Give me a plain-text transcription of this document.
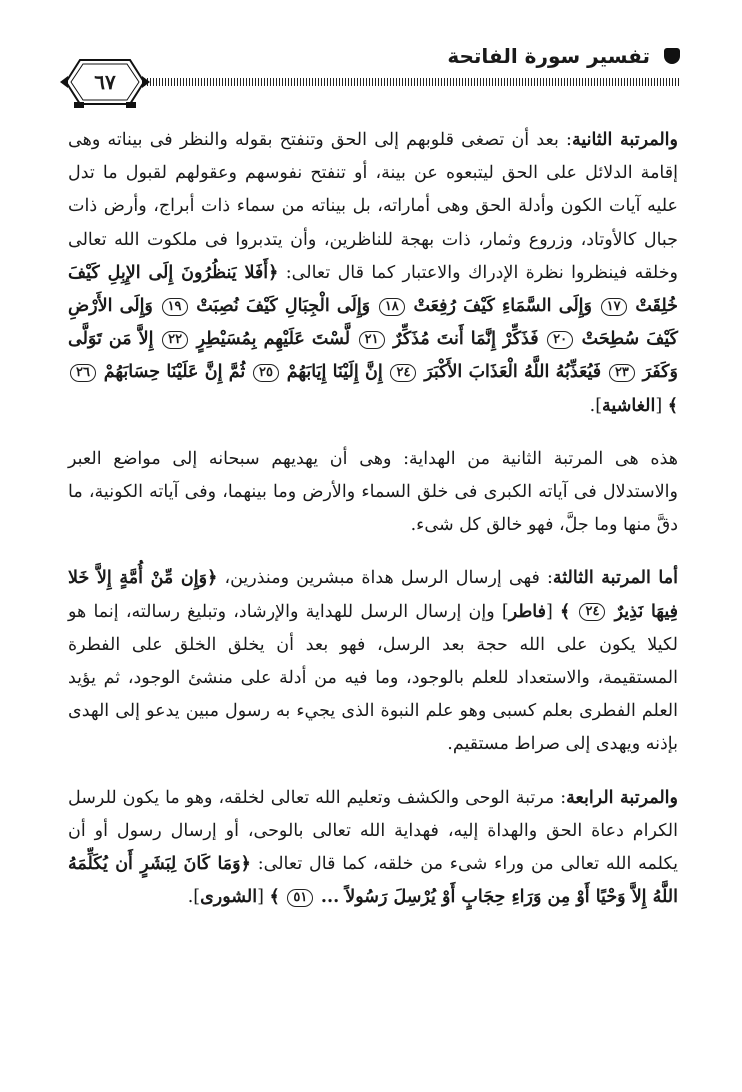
تفسير سورة الفاتحة
٦٧

والمرتبة الثانية: بعد أن تصغى قلوبهم إلى الحق وتنفتح بقوله والنظر فى بيناته وهى إقامة الدلائل على الحق ليتبعوه عن بينة، أو تنفتح نفوسهم وعقولهم لقبول ما تدل عليه آيات الكون وأدلة الحق وهى أماراته، بل بيناته من سماء ذات أبراج، وأرض ذات جبال كالأوتاد، وزروع وثمار، ذات بهجة للناظرين، وأن يتدبروا فى ملكوت الله تعالى وخلقه فينظروا نظرة الإدراك والاعتبار كما قال تعالى: ﴿أَفَلا يَنظُرُونَ إِلَى الإِبِلِ كَيْفَ خُلِقَتْ ١٧ وَإِلَى السَّمَاءِ كَيْفَ رُفِعَتْ ١٨ وَإِلَى الْجِبَالِ كَيْفَ نُصِبَتْ ١٩ وَإِلَى الأَرْضِ كَيْفَ سُطِحَتْ ٢٠ فَذَكِّرْ إِنَّمَا أَنتَ مُذَكِّرٌ ٢١ لَّسْتَ عَلَيْهِم بِمُسَيْطِرٍ ٢٢ إِلاَّ مَن تَوَلَّى وَكَفَرَ ٢٣ فَيُعَذِّبُهُ اللَّهُ الْعَذَابَ الأَكْبَرَ ٢٤ إِنَّ إِلَيْنَا إِيَابَهُمْ ٢٥ ثُمَّ إِنَّ عَلَيْنَا حِسَابَهُمْ ٢٦ ﴾ [الغاشية].

هذه هى المرتبة الثانية من الهداية: وهى أن يهديهم سبحانه إلى مواضع العبر والاستدلال فى آياته الكبرى فى خلق السماء والأرض وما بينهما، وفى آياته الكونية، ما دقَّ منها وما جلَّ، فهو خالق كل شىء.

أما المرتبة الثالثة: فهى إرسال الرسل هداة مبشرين ومنذرين، ﴿وَإِن مِّنْ أُمَّةٍ إِلاَّ خَلا فِيهَا نَذِيرٌ ٢٤ ﴾ [فاطر] وإن إرسال الرسل للهداية والإرشاد، وتبليغ رسالته، إنما هو لكيلا يكون على الله حجة بعد الرسل، فهو بعد أن يخلق الخلق على الفطرة المستقيمة، والاستعداد للعلم بالوجود، وما فيه من أدلة على منشئ الوجود، ثم يؤيد العلم الفطرى بعلم كسبى وهو علم النبوة الذى يجيء به رسول مبين يدعو إلى الهدى بإذنه ويهدى إلى صراط مستقيم.

والمرتبة الرابعة: مرتبة الوحى والكشف وتعليم الله تعالى لخلقه، وهو ما يكون للرسل الكرام دعاة الحق والهداة إليه، فهداية الله تعالى بالوحى، أو إرسال رسول أو أن يكلمه الله تعالى من وراء شىء من خلقه، كما قال تعالى: ﴿وَمَا كَانَ لِبَشَرٍ أَن يُكَلِّمَهُ اللَّهُ إِلاَّ وَحْيًا أَوْ مِن وَرَاءِ حِجَابٍ أَوْ يُرْسِلَ رَسُولاً ... ٥١ ﴾ [الشورى].
